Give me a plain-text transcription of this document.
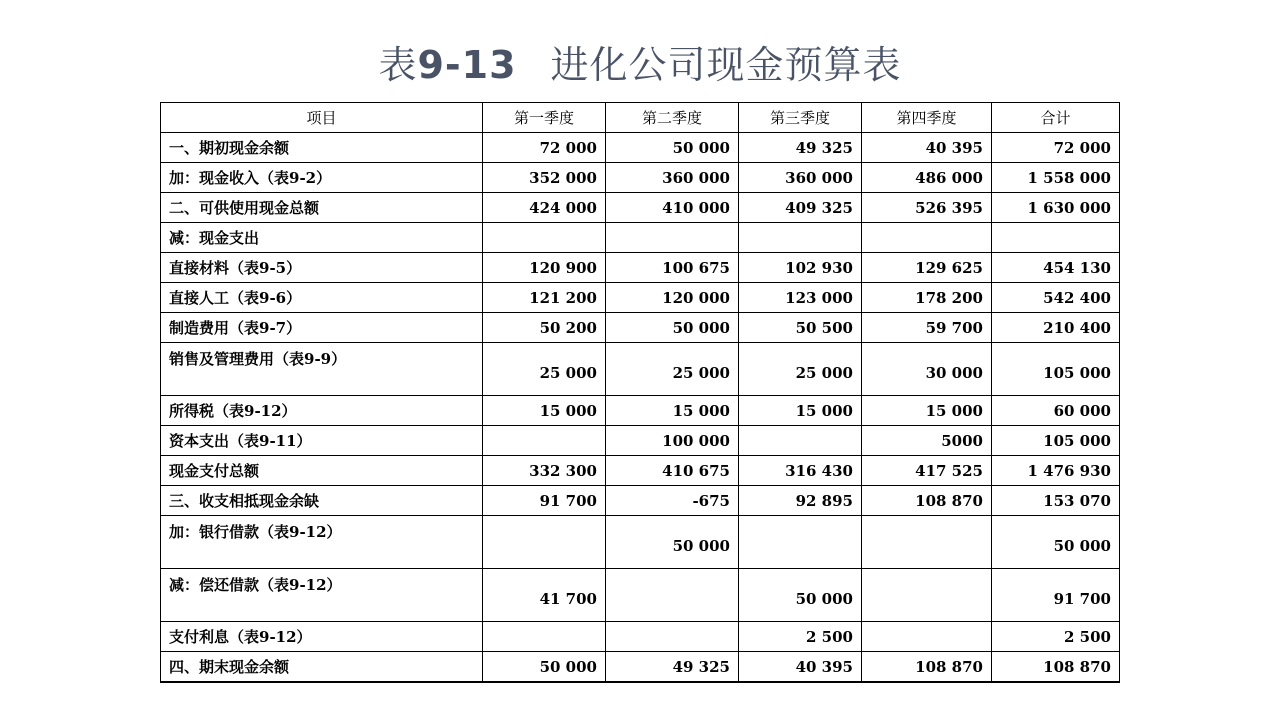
表9-13 进化公司现金预算表
项目	第一季度	第二季度	第三季度	第四季度	合计
一、期初现金余额	72 000	50 000	49 325	40 395	72 000
加：现金收入（表9-2）	352 000	360 000	360 000	486 000	1 558 000
二、可供使用现金总额	424 000	410 000	409 325	526 395	1 630 000
减：现金支出					
直接材料（表9-5）	120 900	100 675	102 930	129 625	454 130
直接人工（表9-6）	121 200	120 000	123 000	178 200	542 400
制造费用（表9-7）	50 200	50 000	50 500	59 700	210 400
销售及管理费用（表9-9）	25 000	25 000	25 000	30 000	105 000
所得税（表9-12）	15 000	15 000	15 000	15 000	60 000
资本支出（表9-11）		100 000		5000	105 000
现金支付总额	332 300	410 675	316 430	417 525	1 476 930
三、收支相抵现金余缺	91 700	-675	92 895	108 870	153 070
加：银行借款（表9-12）		50 000			50 000
减：偿还借款（表9-12）	41 700		50 000		91 700
支付利息（表9-12）			2 500		2 500
四、期末现金余额	50 000	49 325	40 395	108 870	108 870
